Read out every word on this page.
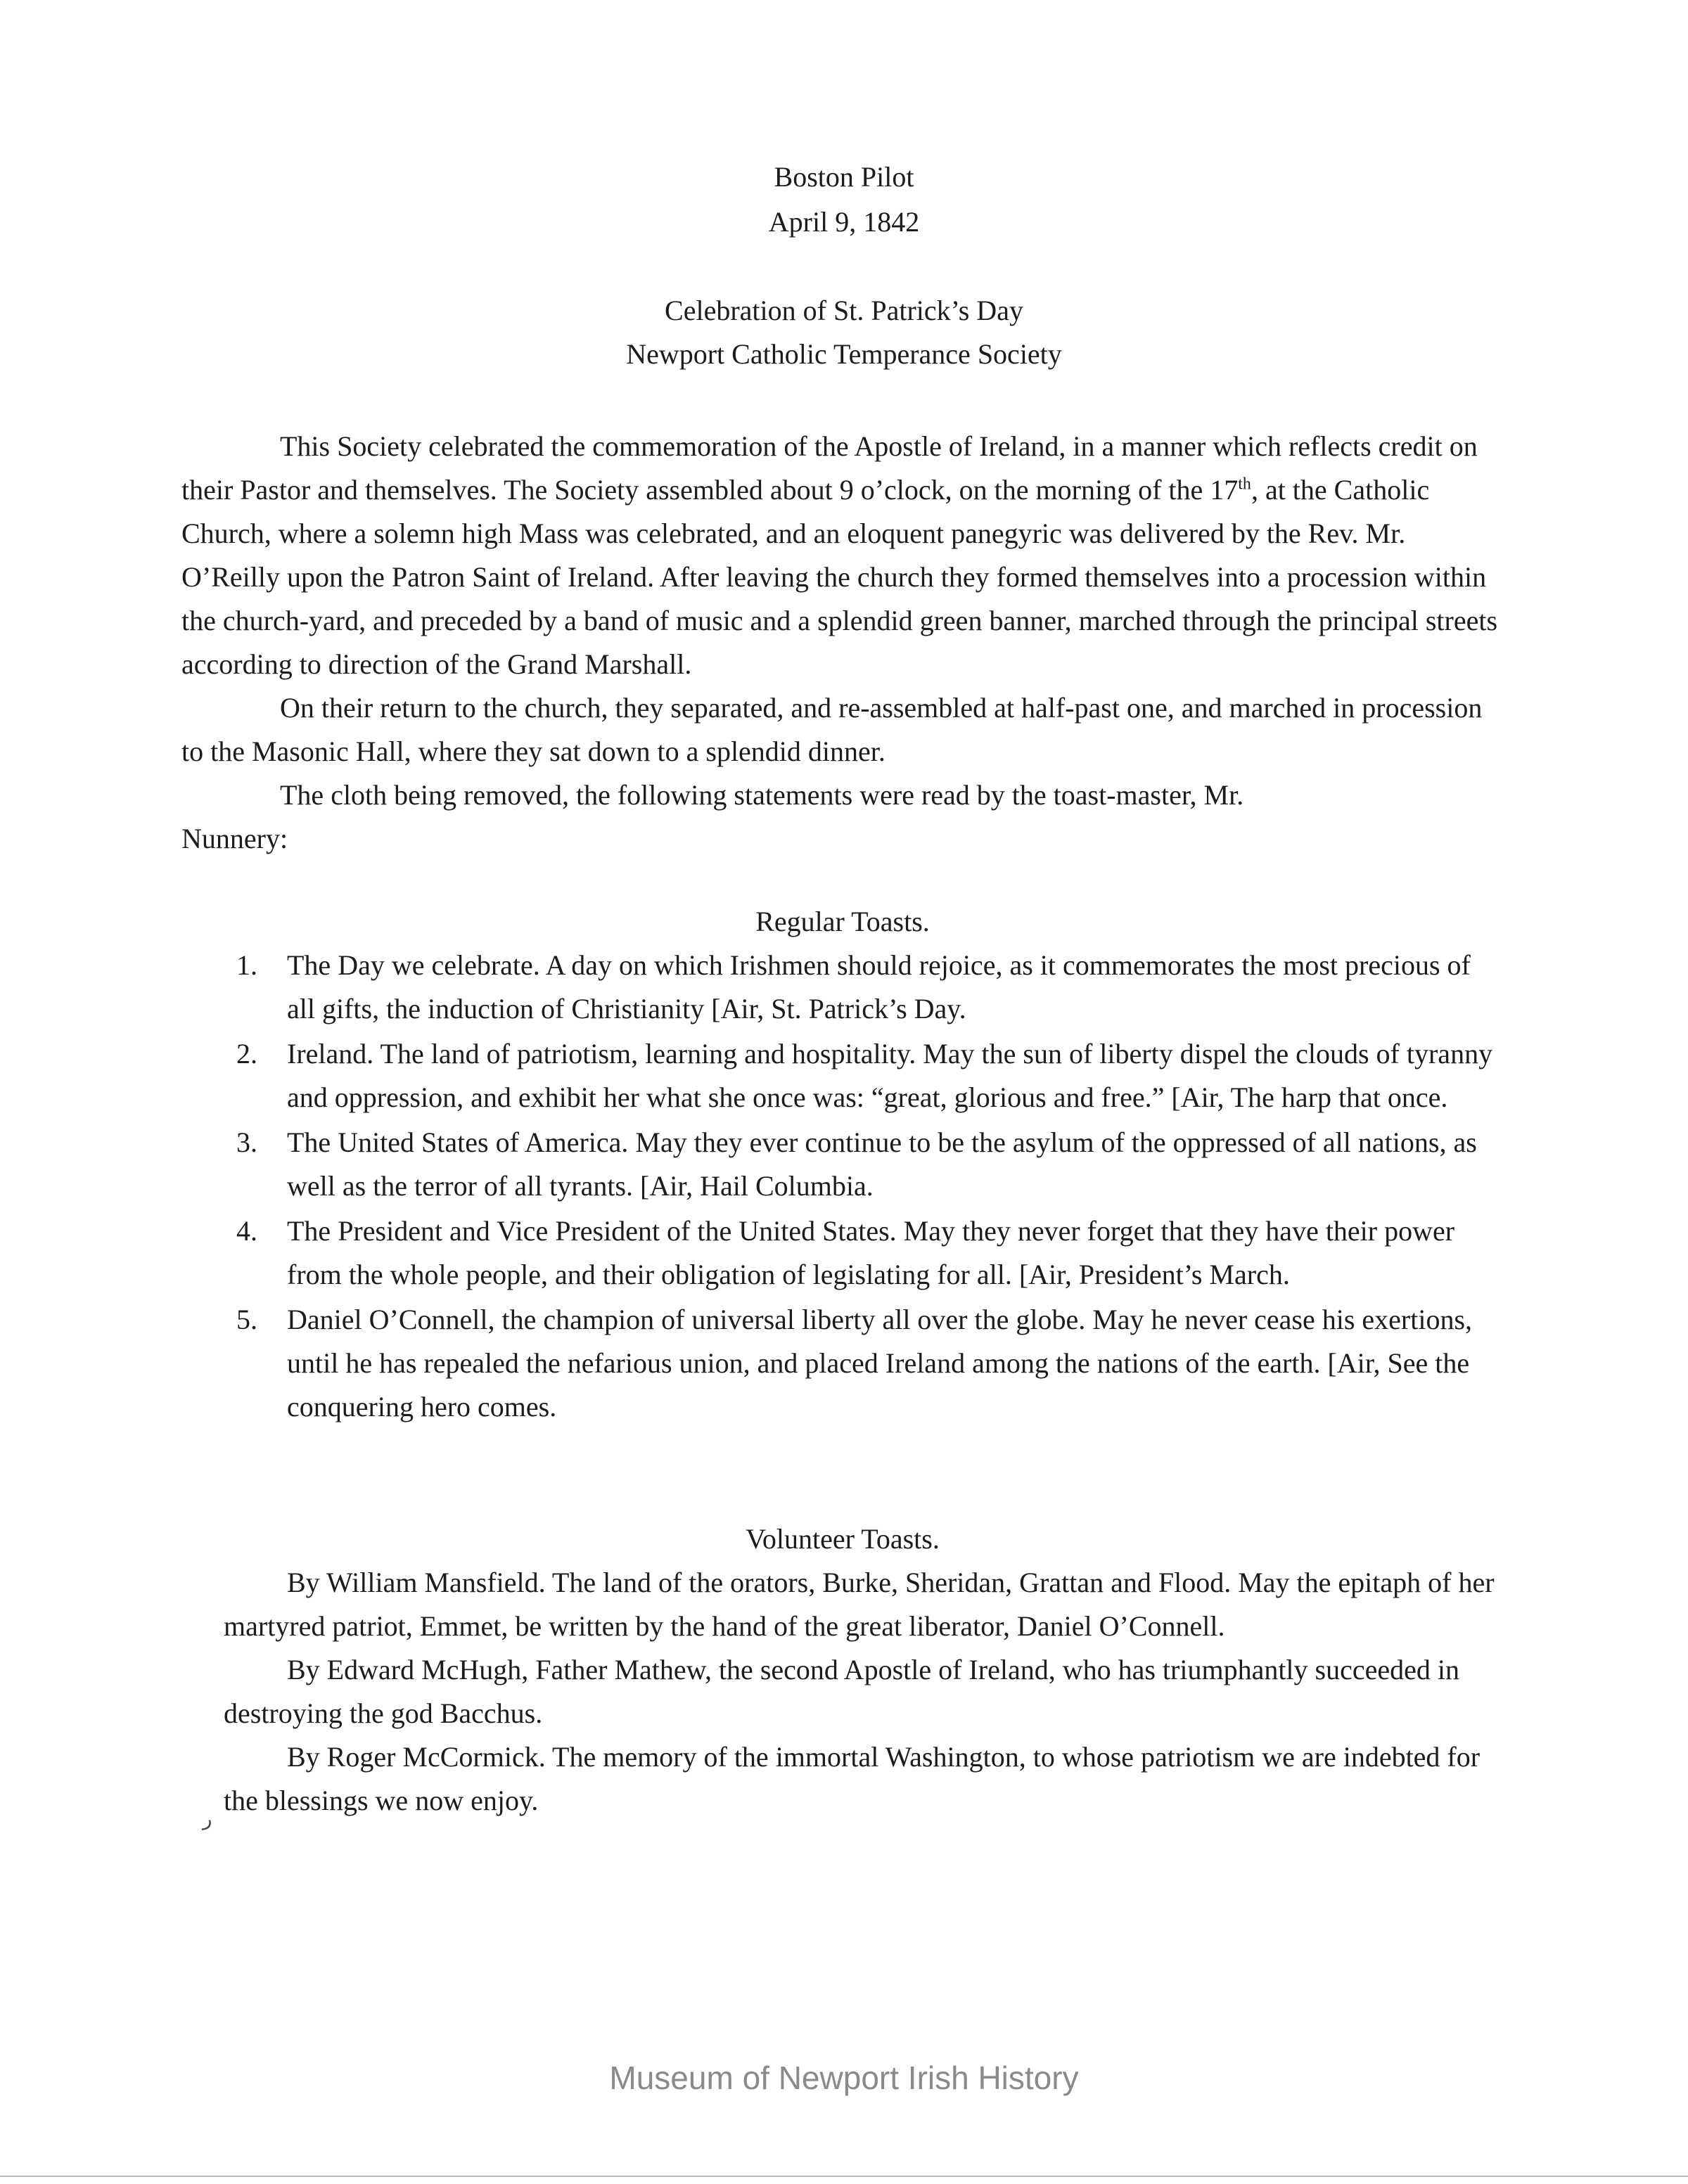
Boston Pilot
April 9, 1842
Celebration of St. Patrick’s Day
Newport Catholic Temperance Society

This Society celebrated the commemoration of the Apostle of Ireland, in a manner which reflects credit on their Pastor and themselves. The Society assembled about 9 o’clock, on the morning of the 17th, at the Catholic Church, where a solemn high Mass was celebrated, and an eloquent panegyric was delivered by the Rev. Mr. O’Reilly upon the Patron Saint of Ireland. After leaving the church they formed themselves into a procession within the church-yard, and preceded by a band of music and a splendid green banner, marched through the principal streets according to direction of the Grand Marshall.

On their return to the church, they separated, and re-assembled at half-past one, and marched in procession to the Masonic Hall, where they sat down to a splendid dinner.

The cloth being removed, the following statements were read by the toast-master, Mr.

Nunnery:

Regular Toasts.

1. The Day we celebrate. A day on which Irishmen should rejoice, as it commemorates the most precious of all gifts, the induction of Christianity [Air, St. Patrick’s Day.
2. Ireland. The land of patriotism, learning and hospitality. May the sun of liberty dispel the clouds of tyranny and oppression, and exhibit her what she once was: “great, glorious and free.” [Air, The harp that once.
3. The United States of America. May they ever continue to be the asylum of the oppressed of all nations, as well as the terror of all tyrants. [Air, Hail Columbia.
4. The President and Vice President of the United States. May they never forget that they have their power from the whole people, and their obligation of legislating for all. [Air, President’s March.
5. Daniel O’Connell, the champion of universal liberty all over the globe. May he never cease his exertions, until he has repealed the nefarious union, and placed Ireland among the nations of the earth. [Air, See the conquering hero comes.

Volunteer Toasts.

By William Mansfield. The land of the orators, Burke, Sheridan, Grattan and Flood. May the epitaph of her martyred patriot, Emmet, be written by the hand of the great liberator, Daniel O’Connell.

By Edward McHugh, Father Mathew, the second Apostle of Ireland, who has triumphantly succeeded in destroying the god Bacchus.

By Roger McCormick. The memory of the immortal Washington, to whose patriotism we are indebted for the blessings we now enjoy.

ر
Museum of Newport Irish History
